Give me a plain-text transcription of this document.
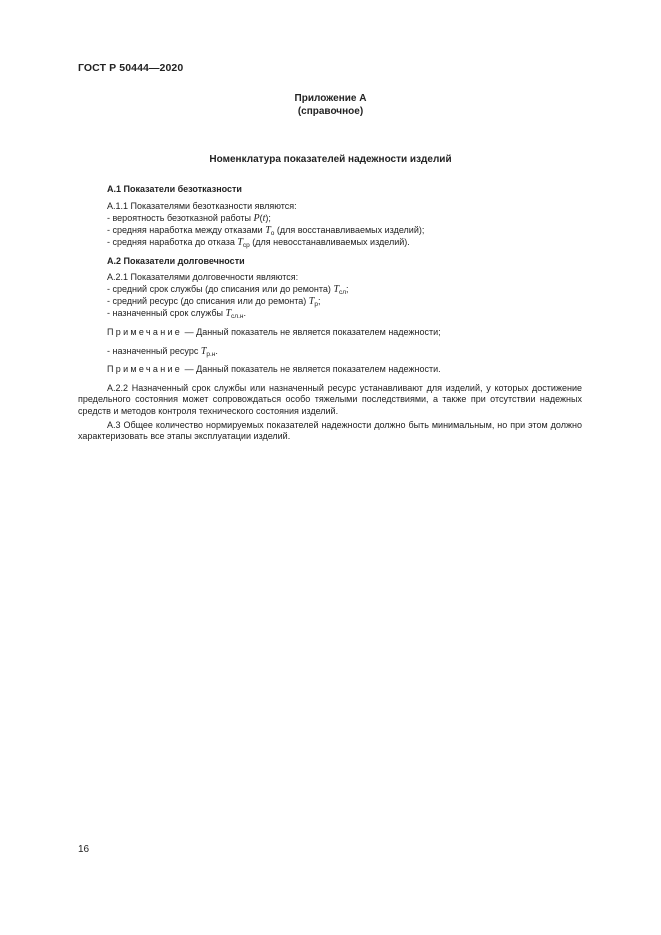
ГОСТ Р 50444—2020
Приложение А
(справочное)
Номенклатура показателей надежности изделий
А.1 Показатели безотказности
А.1.1 Показателями безотказности являются:
- вероятность безотказной работы P(t);
- средняя наработка между отказами $T_о$ (для восстанавливаемых изделий);
- средняя наработка до отказа $T_{ср}$ (для невосстанавливаемых изделий).
А.2 Показатели долговечности
А.2.1 Показателями долговечности являются:
- средний срок службы (до списания или до ремонта) $T_{сл}$;
- средний ресурс (до списания или до ремонта) $T_р$;
- назначенный срок службы $T_{сл.н}$.
Примечание — Данный показатель не является показателем надежности;
- назначенный ресурс $T_{р.н}$.
Примечание — Данный показатель не является показателем надежности.
А.2.2 Назначенный срок службы или назначенный ресурс устанавливают для изделий, у которых достижение предельного состояния может сопровождаться особо тяжелыми последствиями, а также при отсутствии надежных средств и методов контроля технического состояния изделий.
А.3 Общее количество нормируемых показателей надежности должно быть минимальным, но при этом должно характеризовать все этапы эксплуатации изделий.
16
